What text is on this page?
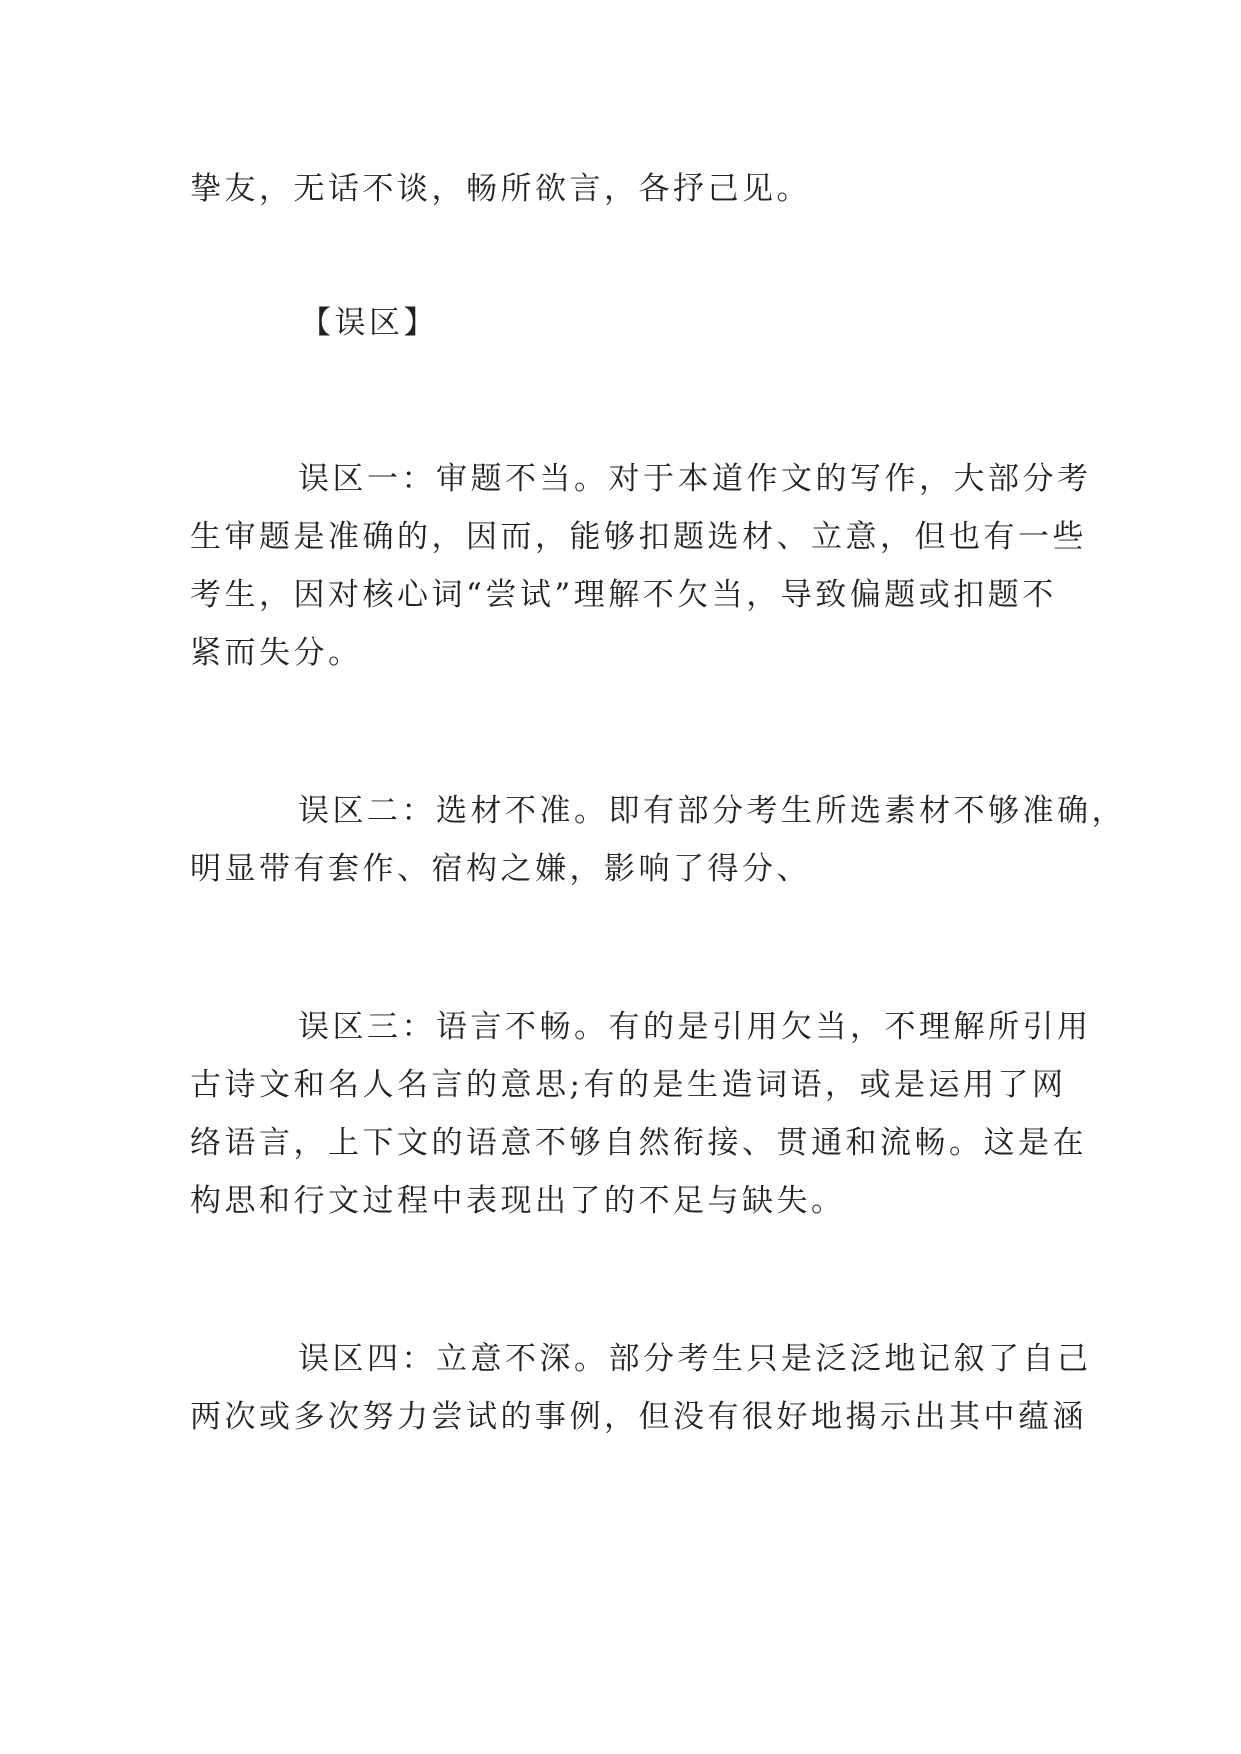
挚友，无话不谈，畅所欲言，各抒己见。
【误区】
误区一：审题不当。对于本道作文的写作，大部分考
生审题是准确的，因而，能够扣题选材、立意，但也有一些
考生，因对核心词“尝试”理解不欠当，导致偏题或扣题不
紧而失分。
误区二：选材不准。即有部分考生所选素材不够准确，
明显带有套作、宿构之嫌，影响了得分、
误区三：语言不畅。有的是引用欠当，不理解所引用
古诗文和名人名言的意思;有的是生造词语，或是运用了网
络语言，上下文的语意不够自然衔接、贯通和流畅。这是在
构思和行文过程中表现出了的不足与缺失。
误区四：立意不深。部分考生只是泛泛地记叙了自己
两次或多次努力尝试的事例，但没有很好地揭示出其中蕴涵
